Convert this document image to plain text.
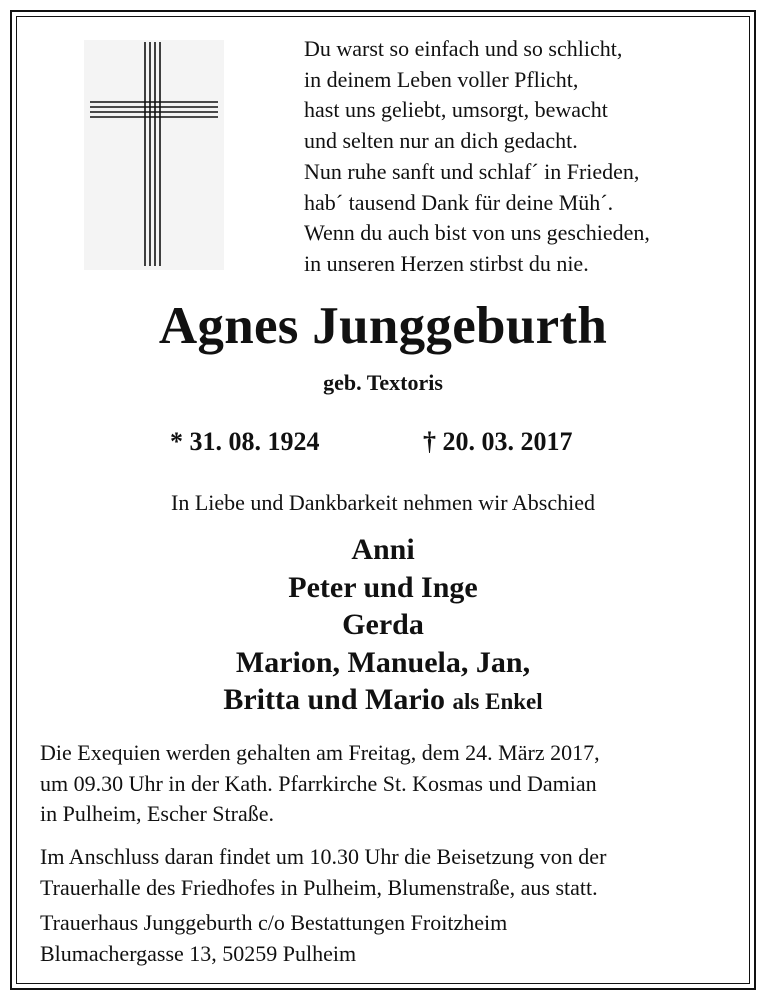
Du warst so einfach und so schlicht,
in deinem Leben voller Pflicht,
hast uns geliebt, umsorgt, bewacht
und selten nur an dich gedacht.
Nun ruhe sanft und schlaf´ in Frieden,
hab´ tausend Dank für deine Müh´.
Wenn du auch bist von uns geschieden,
in unseren Herzen stirbst du nie.
Agnes Junggeburth
geb. Textoris
* 31. 08. 1924	† 20. 03. 2017
In Liebe und Dankbarkeit nehmen wir Abschied
Anni
Peter und Inge
Gerda
Marion, Manuela, Jan,
Britta und Mario als Enkel
Die Exequien werden gehalten am Freitag, dem 24. März 2017,
um 09.30 Uhr in der Kath. Pfarrkirche St. Kosmas und Damian
in Pulheim, Escher Straße.
Im Anschluss daran findet um 10.30 Uhr die Beisetzung von der
Trauerhalle des Friedhofes in Pulheim, Blumenstraße, aus statt.
Trauerhaus Junggeburth c/o Bestattungen Froitzheim
Blumachergasse 13, 50259 Pulheim
